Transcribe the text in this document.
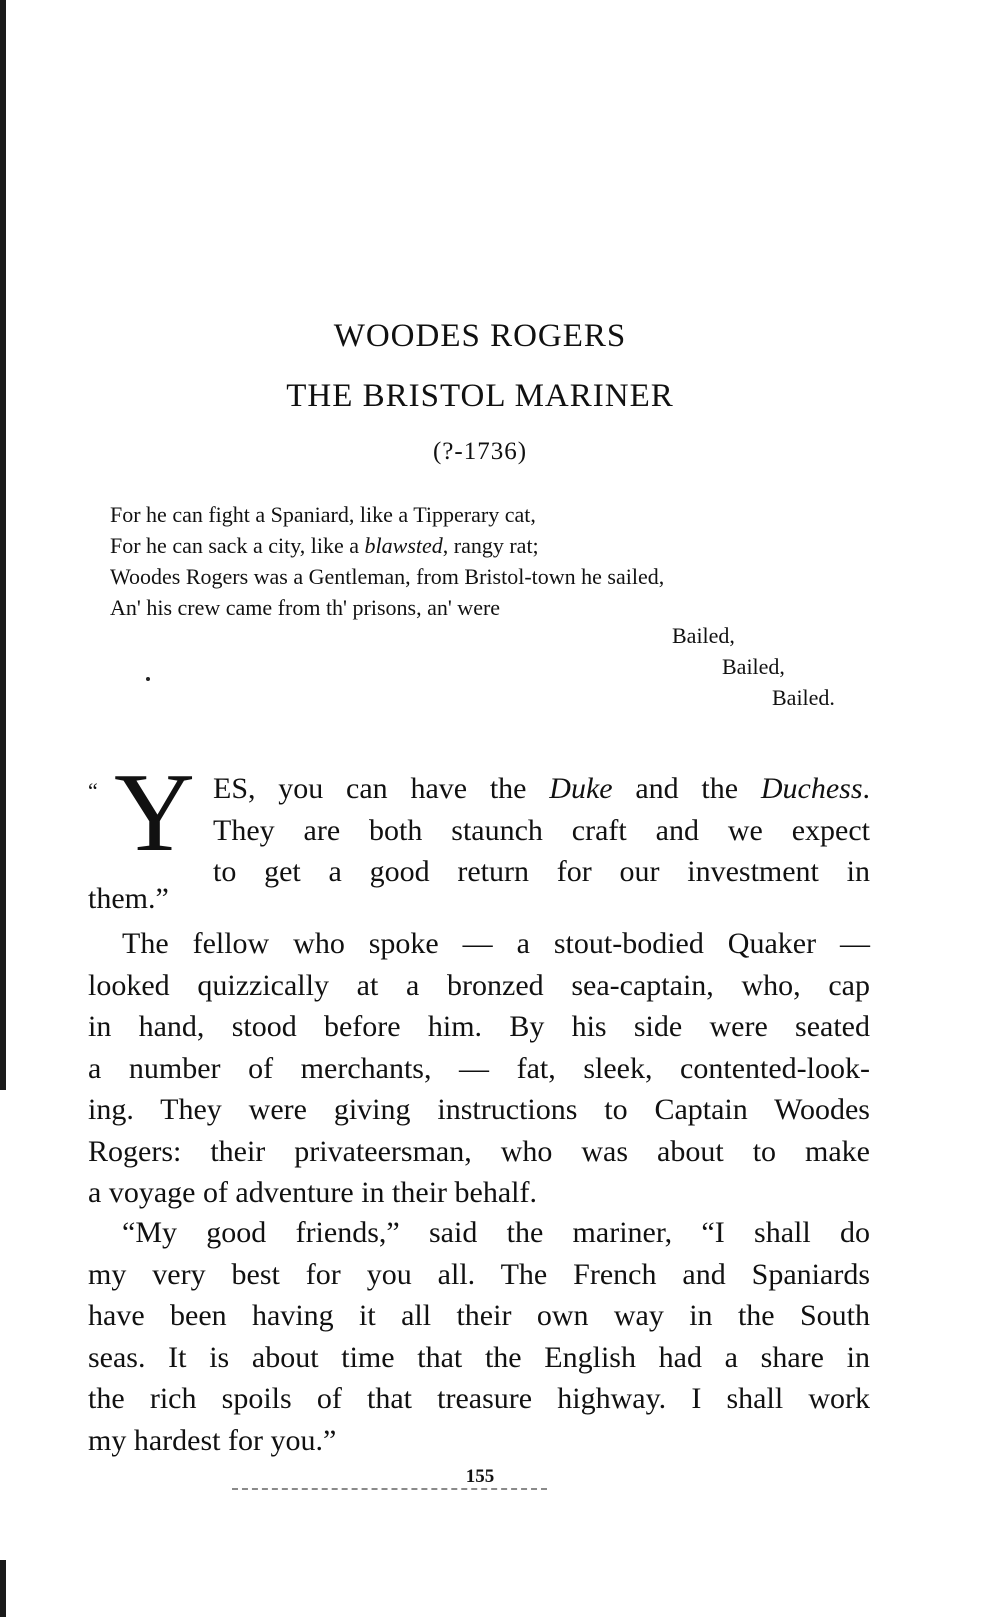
WOODES ROGERS
THE BRISTOL MARINER
(?-1736)
For he can fight a Spaniard, like a Tipperary cat,
For he can sack a city, like a blawsted, rangy rat;
Woodes Rogers was a Gentleman, from Bristol-town he sailed,
An' his crew came from th' prisons, an' were
Bailed,
Bailed,
Bailed.
“ Y ES, you can have the Duke and the Duchess.
They are both staunch craft and we expect
to get a good return for our investment in
them.”
The fellow who spoke — a stout-bodied Quaker —
looked quizzically at a bronzed sea-captain, who, cap
in hand, stood before him. By his side were seated
a number of merchants, — fat, sleek, contented-look-
ing. They were giving instructions to Captain Woodes
Rogers: their privateersman, who was about to make
a voyage of adventure in their behalf.
“My good friends,” said the mariner, “I shall do
my very best for you all. The French and Spaniards
have been having it all their own way in the South
seas. It is about time that the English had a share in
the rich spoils of that treasure highway. I shall work
my hardest for you.”
155
